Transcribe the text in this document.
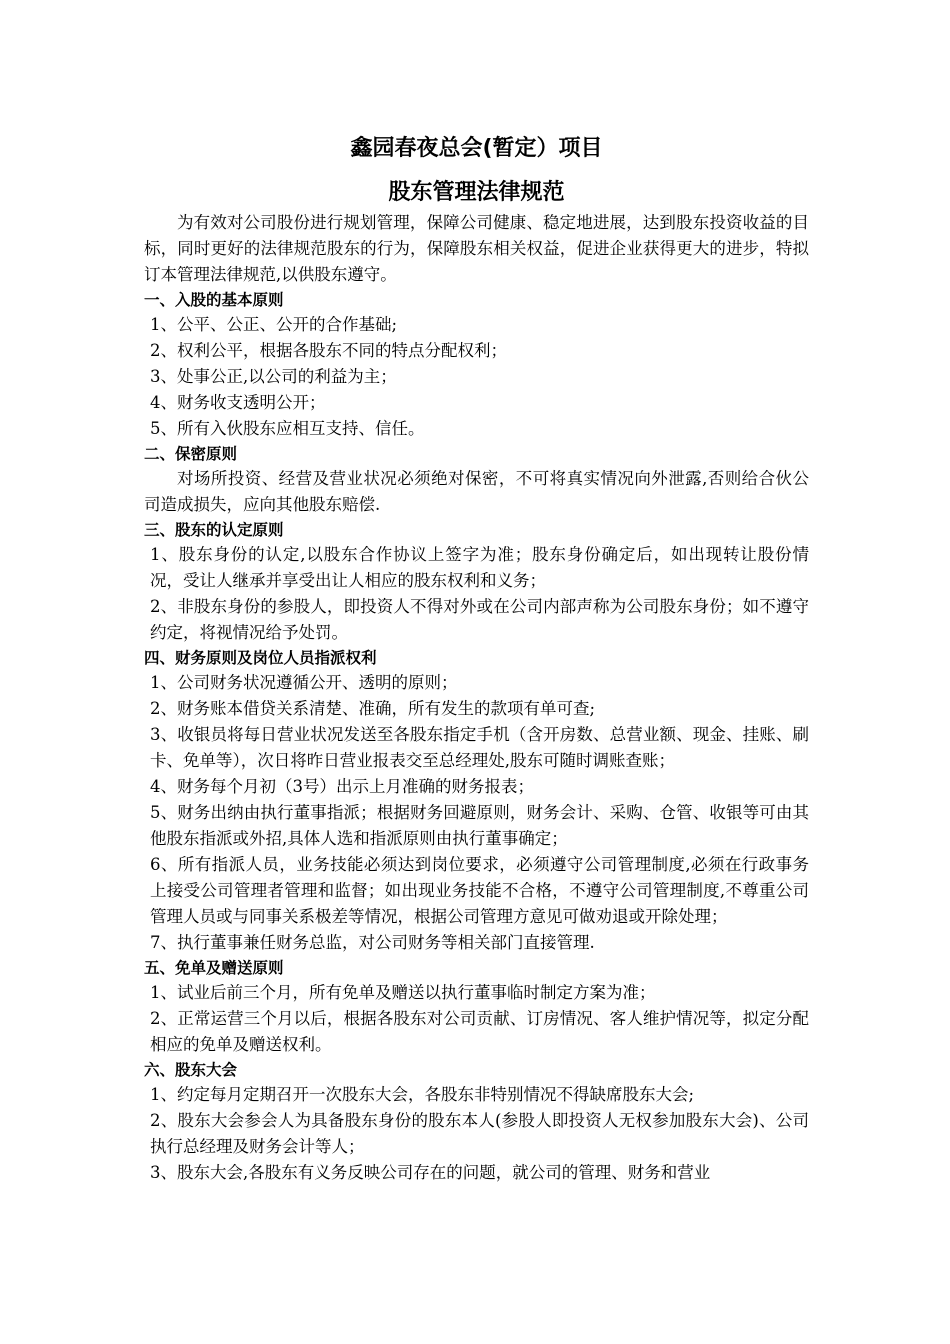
鑫园春夜总会(暂定）项目
股东管理法律规范

为有效对公司股份进行规划管理，保障公司健康、稳定地进展，达到股东投资收益的目标，同时更好的法律规范股东的行为，保障股东相关权益，促进企业获得更大的进步，特拟订本管理法律规范,以供股东遵守。

一、入股的基本原则

1、公平、公正、公开的合作基础;

2、权利公平，根据各股东不同的特点分配权利；

3、处事公正,以公司的利益为主；

4、财务收支透明公开；

5、所有入伙股东应相互支持、信任。

二、保密原则

对场所投资、经营及营业状况必须绝对保密，不可将真实情况向外泄露,否则给合伙公司造成损失，应向其他股东赔偿.

三、股东的认定原则

1、股东身份的认定,以股东合作协议上签字为准；股东身份确定后，如出现转让股份情况，受让人继承并享受出让人相应的股东权利和义务；

2、非股东身份的参股人，即投资人不得对外或在公司内部声称为公司股东身份；如不遵守约定，将视情况给予处罚。

四、财务原则及岗位人员指派权利

1、公司财务状况遵循公开、透明的原则；

2、财务账本借贷关系清楚、准确，所有发生的款项有单可查;

3、收银员将每日营业状况发送至各股东指定手机（含开房数、总营业额、现金、挂账、刷卡、免单等），次日将昨日营业报表交至总经理处,股东可随时调账查账；

4、财务每个月初（3号）出示上月准确的财务报表；

5、财务出纳由执行董事指派；根据财务回避原则，财务会计、采购、仓管、收银等可由其他股东指派或外招,具体人选和指派原则由执行董事确定；

6、所有指派人员，业务技能必须达到岗位要求，必须遵守公司管理制度,必须在行政事务上接受公司管理者管理和监督；如出现业务技能不合格，不遵守公司管理制度,不尊重公司管理人员或与同事关系极差等情况，根据公司管理方意见可做劝退或开除处理；

7、执行董事兼任财务总监，对公司财务等相关部门直接管理.

五、免单及赠送原则

1、试业后前三个月，所有免单及赠送以执行董事临时制定方案为准；

2、正常运营三个月以后，根据各股东对公司贡献、订房情况、客人维护情况等，拟定分配相应的免单及赠送权利。

六、股东大会

1、约定每月定期召开一次股东大会，各股东非特别情况不得缺席股东大会;

2、股东大会参会人为具备股东身份的股东本人(参股人即投资人无权参加股东大会)、公司执行总经理及财务会计等人；

3、股东大会,各股东有义务反映公司存在的问题，就公司的管理、财务和营业
